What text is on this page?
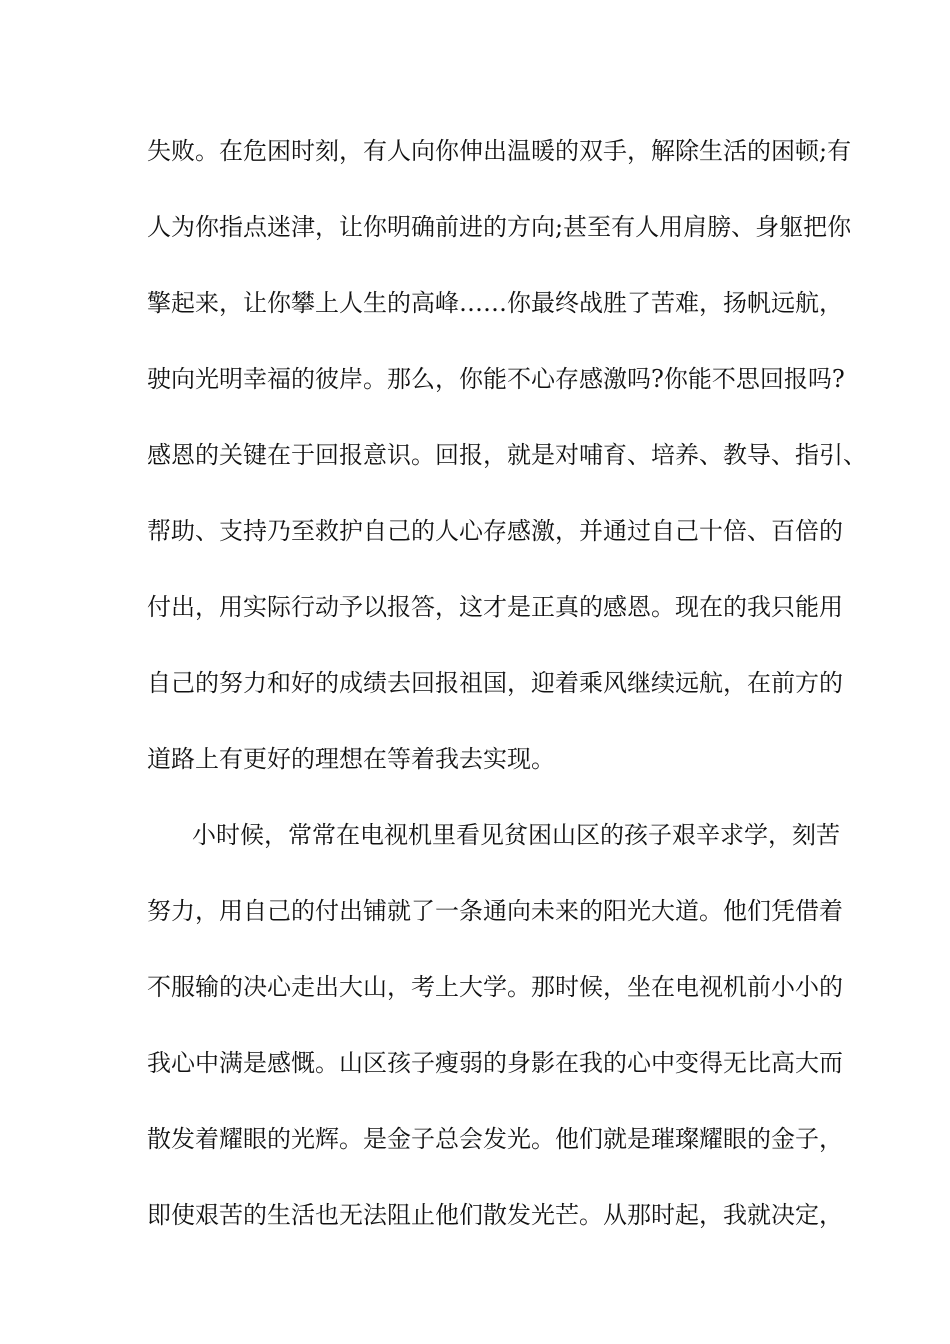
失败。在危困时刻，有人向你伸出温暖的双手，解除生活的困顿;有

人为你指点迷津，让你明确前进的方向;甚至有人用肩膀、身躯把你

擎起来，让你攀上人生的高峰……你最终战胜了苦难，扬帆远航，

驶向光明幸福的彼岸。那么，你能不心存感激吗?你能不思回报吗?

感恩的关键在于回报意识。回报，就是对哺育、培养、教导、指引、

帮助、支持乃至救护自己的人心存感激，并通过自己十倍、百倍的

付出，用实际行动予以报答，这才是正真的感恩。现在的我只能用

自己的努力和好的成绩去回报祖国，迎着乘风继续远航，在前方的

道路上有更好的理想在等着我去实现。

小时候，常常在电视机里看见贫困山区的孩子艰辛求学，刻苦

努力，用自己的付出铺就了一条通向未来的阳光大道。他们凭借着

不服输的决心走出大山，考上大学。那时候，坐在电视机前小小的

我心中满是感慨。山区孩子瘦弱的身影在我的心中变得无比高大而

散发着耀眼的光辉。是金子总会发光。他们就是璀璨耀眼的金子，

即使艰苦的生活也无法阻止他们散发光芒。从那时起，我就决定，
